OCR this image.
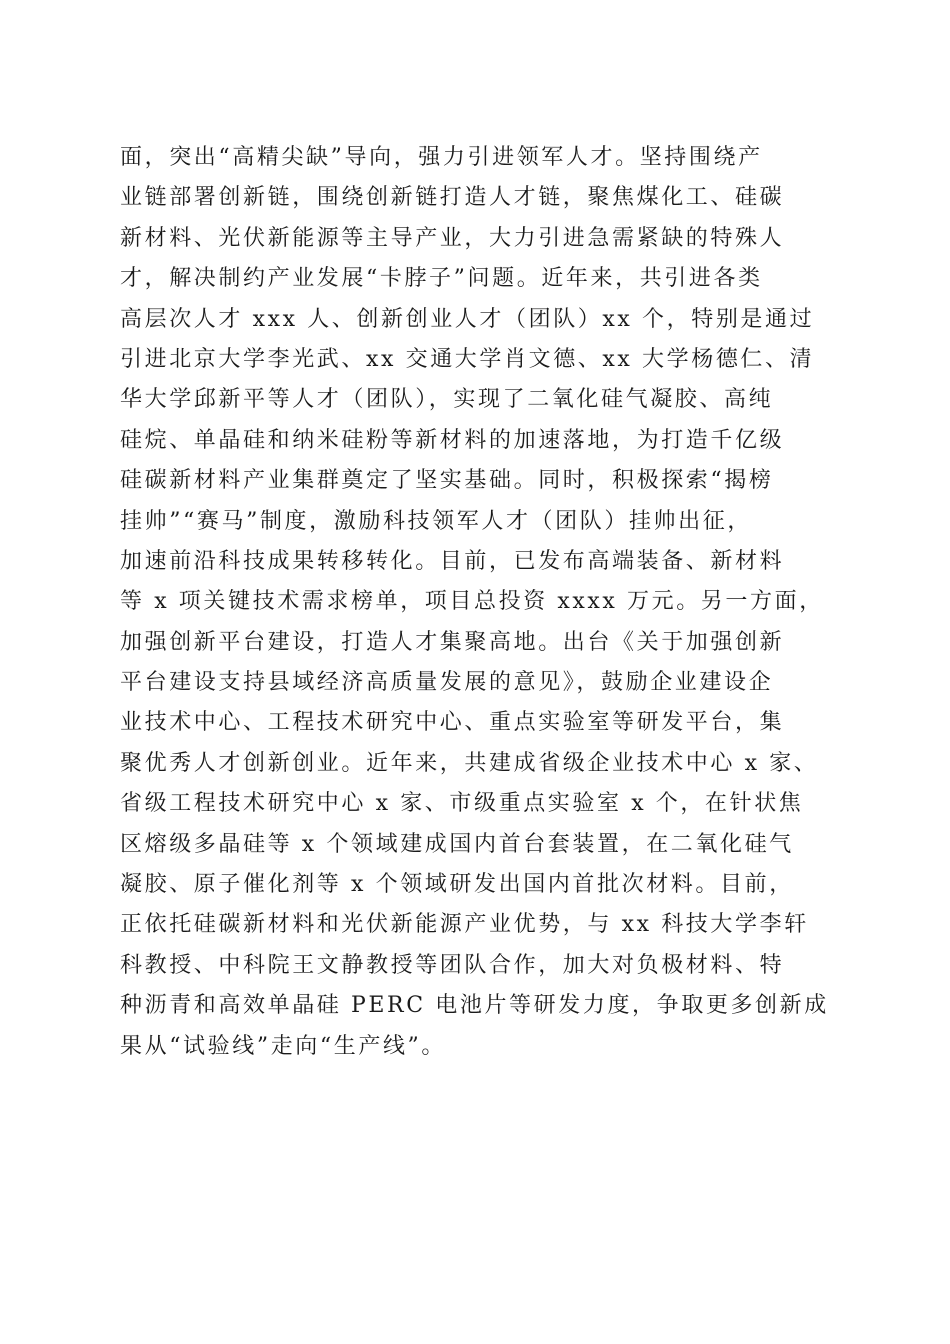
面，突出“高精尖缺”导向，强力引进领军人才。坚持围绕产
业链部署创新链，围绕创新链打造人才链，聚焦煤化工、硅碳
新材料、光伏新能源等主导产业，大力引进急需紧缺的特殊人
才，解决制约产业发展“卡脖子”问题。近年来，共引进各类
高层次人才 xxx 人、创新创业人才（团队）xx 个，特别是通过
引进北京大学李光武、xx 交通大学肖文德、xx 大学杨德仁、清
华大学邱新平等人才（团队），实现了二氧化硅气凝胶、高纯
硅烷、单晶硅和纳米硅粉等新材料的加速落地，为打造千亿级
硅碳新材料产业集群奠定了坚实基础。同时，积极探索“揭榜
挂帅”“赛马”制度，激励科技领军人才（团队）挂帅出征，
加速前沿科技成果转移转化。目前，已发布高端装备、新材料
等 x 项关键技术需求榜单，项目总投资 xxxx 万元。另一方面，
加强创新平台建设，打造人才集聚高地。出台《关于加强创新
平台建设支持县域经济高质量发展的意见》，鼓励企业建设企
业技术中心、工程技术研究中心、重点实验室等研发平台，集
聚优秀人才创新创业。近年来，共建成省级企业技术中心 x 家、
省级工程技术研究中心 x 家、市级重点实验室 x 个，在针状焦
区熔级多晶硅等 x 个领域建成国内首台套装置，在二氧化硅气
凝胶、原子催化剂等 x 个领域研发出国内首批次材料。目前，
正依托硅碳新材料和光伏新能源产业优势，与 xx 科技大学李轩
科教授、中科院王文静教授等团队合作，加大对负极材料、特
种沥青和高效单晶硅 PERC 电池片等研发力度，争取更多创新成
果从“试验线”走向“生产线”。
